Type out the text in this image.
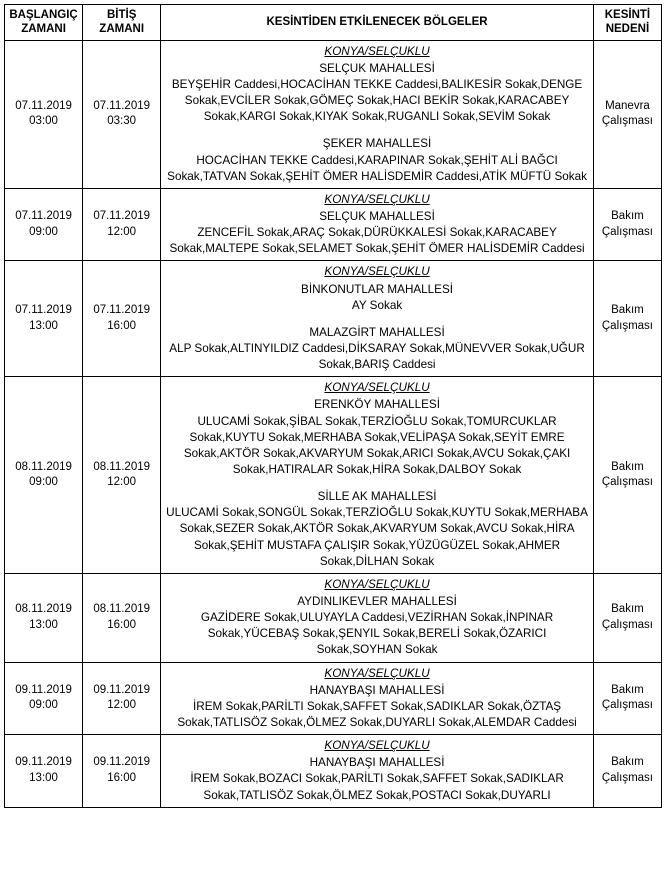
BAŞLANGIÇ
ZAMANI	BİTİŞ
ZAMANI	KESİNTİDEN ETKİLENECEK BÖLGELER	KESİNTİ
NEDENİ
07.11.2019
03:00	07.11.2019
03:30	KONYA/SELÇUKLU
SELÇUK MAHALLESİ
BEYŞEHİR Caddesi,HOCACİHAN TEKKE Caddesi,BALIKESİR Sokak,DENGE Sokak,EVCİLER Sokak,GÖMEÇ Sokak,HACI BEKİR Sokak,KARACABEY Sokak,KARGI Sokak,KIYAK Sokak,RUGANLI Sokak,SEVİM Sokak
ŞEKER MAHALLESİ
HOCACİHAN TEKKE Caddesi,KARAPINAR Sokak,ŞEHİT ALİ BAĞCI Sokak,TATVAN Sokak,ŞEHİT ÖMER HALİSDEMİR Caddesi,ATİK MÜFTÜ Sokak	Manevra
Çalışması
07.11.2019
09:00	07.11.2019
12:00	KONYA/SELÇUKLU
SELÇUK MAHALLESİ
ZENCEFİL Sokak,ARAÇ Sokak,DÜRÜKKALESİ Sokak,KARACABEY Sokak,MALTEPE Sokak,SELAMET Sokak,ŞEHİT ÖMER HALİSDEMİR Caddesi	Bakım
Çalışması
07.11.2019
13:00	07.11.2019
16:00	KONYA/SELÇUKLU
BİNKONUTLAR MAHALLESİ
AY Sokak
MALAZGİRT MAHALLESİ
ALP Sokak,ALTINYILDIZ Caddesi,DİKSARAY Sokak,MÜNEVVER Sokak,UĞUR Sokak,BARIŞ Caddesi	Bakım
Çalışması
08.11.2019
09:00	08.11.2019
12:00	KONYA/SELÇUKLU
ERENKÖY MAHALLESİ
ULUCAMİ Sokak,ŞİBAL Sokak,TERZİOĞLU Sokak,TOMURCUKLAR Sokak,KUYTU Sokak,MERHABA Sokak,VELİPAŞA Sokak,SEYİT EMRE Sokak,AKTÖR Sokak,AKVARYUM Sokak,ARICI Sokak,AVCU Sokak,ÇAKI Sokak,HATIRALAR Sokak,HİRA Sokak,DALBOY Sokak
SİLLE AK MAHALLESİ
ULUCAMİ Sokak,SONGÜL Sokak,TERZİOĞLU Sokak,KUYTU Sokak,MERHABA Sokak,SEZER Sokak,AKTÖR Sokak,AKVARYUM Sokak,AVCU Sokak,HİRA Sokak,ŞEHİT MUSTAFA ÇALIŞIR Sokak,YÜZÜGÜZEL Sokak,AHMER Sokak,DİLHAN Sokak	Bakım
Çalışması
08.11.2019
13:00	08.11.2019
16:00	KONYA/SELÇUKLU
AYDINLIKEVLER MAHALLESİ
GAZİDERE Sokak,ULUYAYLA Caddesi,VEZİRHAN Sokak,İNPINAR Sokak,YÜCEBAŞ Sokak,ŞENYIL Sokak,BERELİ Sokak,ÖZARICI Sokak,SOYHAN Sokak	Bakım
Çalışması
09.11.2019
09:00	09.11.2019
12:00	KONYA/SELÇUKLU
HANAYBAŞI MAHALLESİ
İREM Sokak,PARİLTI Sokak,SAFFET Sokak,SADIKLAR Sokak,ÖZTAŞ Sokak,TATLISÖZ Sokak,ÖLMEZ Sokak,DUYARLI Sokak,ALEMDAR Caddesi	Bakım
Çalışması
09.11.2019
13:00	09.11.2019
16:00	KONYA/SELÇUKLU
HANAYBAŞI MAHALLESİ
İREM Sokak,BOZACI Sokak,PARİLTI Sokak,SAFFET Sokak,SADIKLAR Sokak,TATLISÖZ Sokak,ÖLMEZ Sokak,POSTACI Sokak,DUYARLI	Bakım
Çalışması
